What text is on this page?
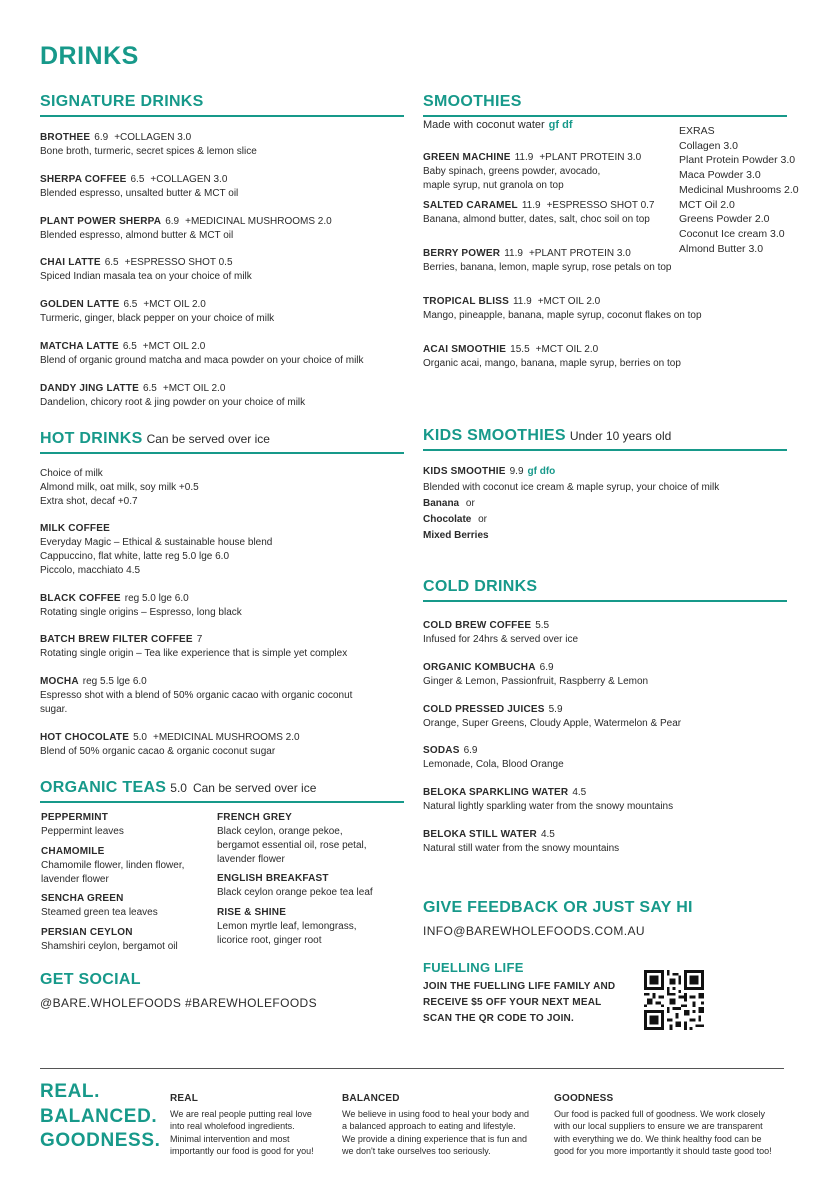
DRINKS
SIGNATURE DRINKS
BROTHEE 6.9 +COLLAGEN 3.0
Bone broth, turmeric, secret spices & lemon slice
SHERPA COFFEE 6.5 +COLLAGEN 3.0
Blended espresso, unsalted butter & MCT oil
PLANT POWER SHERPA 6.9 +MEDICINAL MUSHROOMS 2.0
Blended espresso, almond butter & MCT oil
CHAI LATTE 6.5 +ESPRESSO SHOT 0.5
Spiced Indian masala tea on your choice of milk
GOLDEN LATTE 6.5 +MCT OIL 2.0
Turmeric, ginger, black pepper on your choice of milk
MATCHA LATTE 6.5 +MCT OIL 2.0
Blend of organic ground matcha and maca powder on your choice of milk
DANDY JING LATTE 6.5 +MCT OIL 2.0
Dandelion, chicory root & jing powder on your choice of milk
HOT DRINKS Can be served over ice
Choice of milk
Almond milk, oat milk, soy milk +0.5
Extra shot, decaf +0.7
MILK COFFEE
Everyday Magic – Ethical & sustainable house blend
Cappuccino, flat white, latte reg 5.0 lge 6.0
Piccolo, macchiato 4.5
BLACK COFFEE reg 5.0 lge 6.0
Rotating single origins – Espresso, long black
BATCH BREW FILTER COFFEE 7
Rotating single origin – Tea like experience that is simple yet complex
MOCHA reg 5.5 lge 6.0
Espresso shot with a blend of 50% organic cacao with organic coconut
sugar.
HOT CHOCOLATE 5.0 +MEDICINAL MUSHROOMS 2.0
Blend of 50% organic cacao & organic coconut sugar
ORGANIC TEAS 5.0 Can be served over ice
PEPPERMINT
Peppermint leaves
CHAMOMILE
Chamomile flower, linden flower,
lavender flower
SENCHA GREEN
Steamed green tea leaves
PERSIAN CEYLON
Shamshiri ceylon, bergamot oil
FRENCH GREY
Black ceylon, orange pekoe,
bergamot essential oil, rose petal,
lavender flower
ENGLISH BREAKFAST
Black ceylon orange pekoe tea leaf
RISE & SHINE
Lemon myrtle leaf, lemongrass,
licorice root, ginger root
GET SOCIAL
@BARE.WHOLEFOODS #BAREWHOLEFOODS
SMOOTHIES
Made with coconut water gf df	EXRAS
Collagen 3.0
Plant Protein Powder 3.0
Maca Powder 3.0
Medicinal Mushrooms 2.0
MCT Oil 2.0
Greens Powder 2.0
Coconut Ice cream 3.0
Almond Butter 3.0
GREEN MACHINE 11.9 +PLANT PROTEIN 3.0
Baby spinach, greens powder, avocado,
maple syrup, nut granola on top
SALTED CARAMEL 11.9 +ESPRESSO SHOT 0.7
Banana, almond butter, dates, salt, choc soil on top
BERRY POWER 11.9 +PLANT PROTEIN 3.0
Berries, banana, lemon, maple syrup, rose petals on top
TROPICAL BLISS 11.9 +MCT OIL 2.0
Mango, pineapple, banana, maple syrup, coconut flakes on top
ACAI SMOOTHIE 15.5 +MCT OIL 2.0
Organic acai, mango, banana, maple syrup, berries on top
KIDS SMOOTHIES Under 10 years old
KIDS SMOOTHIE 9.9 gf dfo
Blended with coconut ice cream & maple syrup, your choice of milk
Banana or
Chocolate or
Mixed Berries
COLD DRINKS
COLD BREW COFFEE 5.5
Infused for 24hrs & served over ice
ORGANIC KOMBUCHA 6.9
Ginger & Lemon, Passionfruit, Raspberry & Lemon
COLD PRESSED JUICES 5.9
Orange, Super Greens, Cloudy Apple, Watermelon & Pear
SODAS 6.9
Lemonade, Cola, Blood Orange
BELOKA SPARKLING WATER 4.5
Natural lightly sparkling water from the snowy mountains
BELOKA STILL WATER 4.5
Natural still water from the snowy mountains
GIVE FEEDBACK OR JUST SAY HI
INFO@BAREWHOLEFOODS.COM.AU
FUELLING LIFE
JOIN THE FUELLING LIFE FAMILY AND
RECEIVE $5 OFF YOUR NEXT MEAL
SCAN THE QR CODE TO JOIN.
REAL.
BALANCED.
GOODNESS.
REAL
We are real people putting real love
into real wholefood ingredients.
Minimal intervention and most
importantly our food is good for you!
BALANCED
We believe in using food to heal your body and
a balanced approach to eating and lifestyle.
We provide a dining experience that is fun and
we don't take ourselves too seriously.
GOODNESS
Our food is packed full of goodness. We work closely
with our local suppliers to ensure we are transparent
with everything we do. We think healthy food can be
good for you more importantly it should taste good too!
